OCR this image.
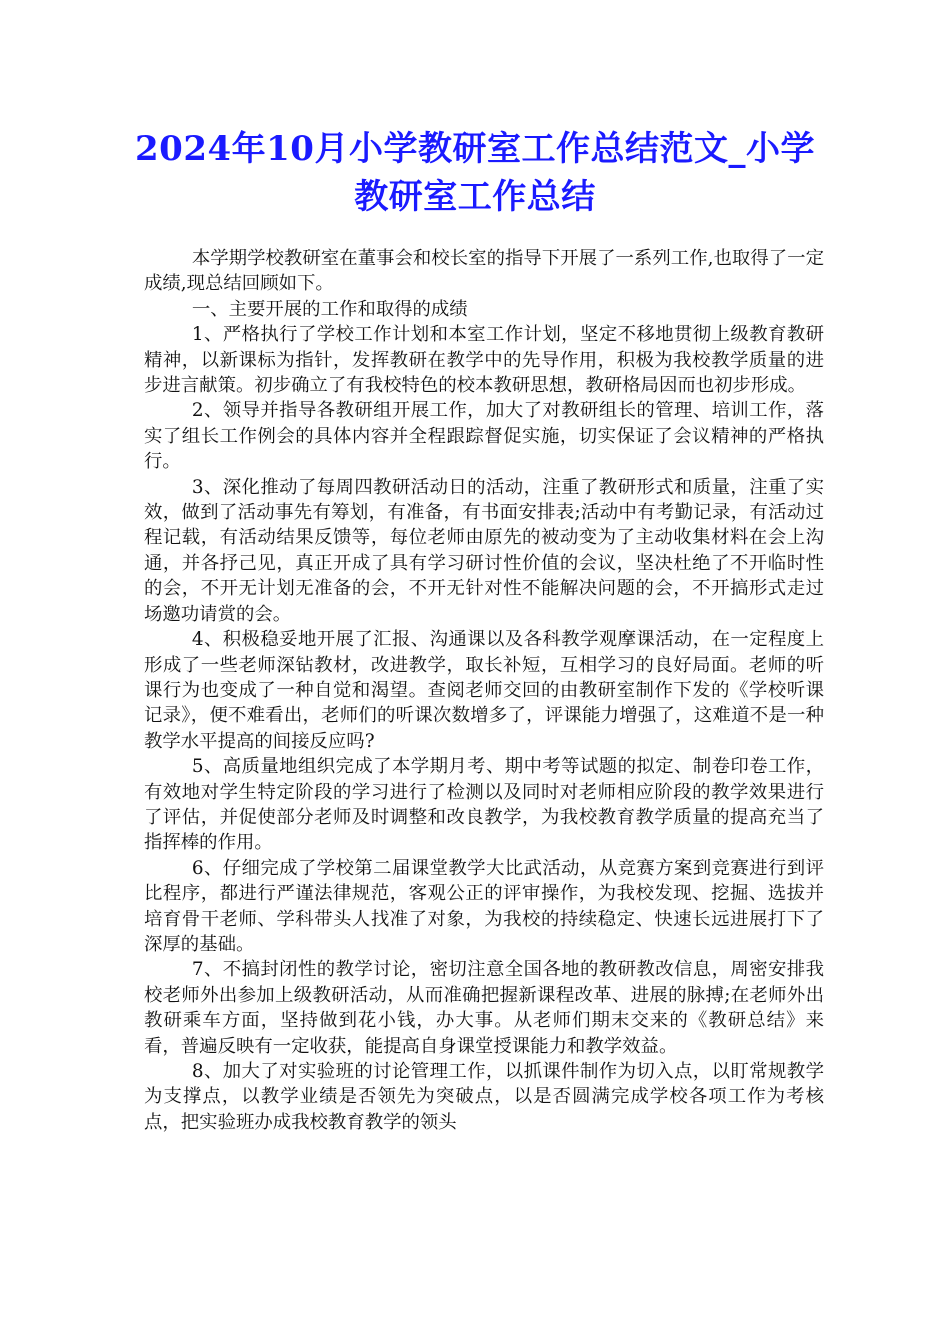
2024年10月小学教研室工作总结范文_小学教研室工作总结

本学期学校教研室在董事会和校长室的指导下开展了一系列工作,也取得了一定成绩,现总结回顾如下。

一、主要开展的工作和取得的成绩

1、严格执行了学校工作计划和本室工作计划，坚定不移地贯彻上级教育教研精神，以新课标为指针，发挥教研在教学中的先导作用，积极为我校教学质量的进步进言献策。初步确立了有我校特色的校本教研思想，教研格局因而也初步形成。

2、领导并指导各教研组开展工作，加大了对教研组长的管理、培训工作，落实了组长工作例会的具体内容并全程跟踪督促实施，切实保证了会议精神的严格执行。

3、深化推动了每周四教研活动日的活动，注重了教研形式和质量，注重了实效，做到了活动事先有筹划，有准备，有书面安排表;活动中有考勤记录，有活动过程记载，有活动结果反馈等，每位老师由原先的被动变为了主动收集材料在会上沟通，并各抒己见，真正开成了具有学习研讨性价值的会议，坚决杜绝了不开临时性的会，不开无计划无准备的会，不开无针对性不能解决问题的会，不开搞形式走过场邀功请赏的会。

4、积极稳妥地开展了汇报、沟通课以及各科教学观摩课活动，在一定程度上形成了一些老师深钻教材，改进教学，取长补短，互相学习的良好局面。老师的听课行为也变成了一种自觉和渴望。查阅老师交回的由教研室制作下发的《学校听课记录》，便不难看出，老师们的听课次数增多了，评课能力增强了，这难道不是一种教学水平提高的间接反应吗?

5、高质量地组织完成了本学期月考、期中考等试题的拟定、制卷印卷工作，有效地对学生特定阶段的学习进行了检测以及同时对老师相应阶段的教学效果进行了评估，并促使部分老师及时调整和改良教学，为我校教育教学质量的提高充当了指挥棒的作用。

6、仔细完成了学校第二届课堂教学大比武活动，从竞赛方案到竞赛进行到评比程序，都进行严谨法律规范，客观公正的评审操作，为我校发现、挖掘、选拔并培育骨干老师、学科带头人找准了对象，为我校的持续稳定、快速长远进展打下了深厚的基础。

7、不搞封闭性的教学讨论，密切注意全国各地的教研教改信息，周密安排我校老师外出参加上级教研活动，从而准确把握新课程改革、进展的脉搏;在老师外出教研乘车方面，坚持做到花小钱，办大事。从老师们期末交来的《教研总结》来看，普遍反映有一定收获，能提高自身课堂授课能力和教学效益。

8、加大了对实验班的讨论管理工作，以抓课件制作为切入点，以盯常规教学为支撑点，以教学业绩是否领先为突破点，以是否圆满完成学校各项工作为考核点，把实验班办成我校教育教学的领头
